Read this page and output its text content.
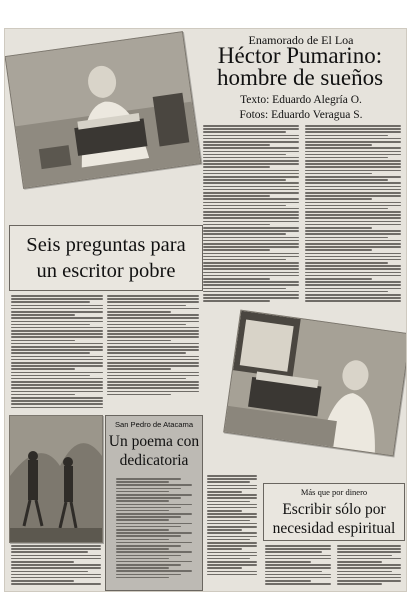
Enamorado de El Loa
Héctor Pumarino:
hombre de sueños
Texto: Eduardo Alegría O.
Fotos: Eduardo Veragua S.
Seis preguntas para
un escritor pobre
San Pedro de Atacama
Un poema con
dedicatoria
Más que por dinero
Escribir sólo por
necesidad espiritual
